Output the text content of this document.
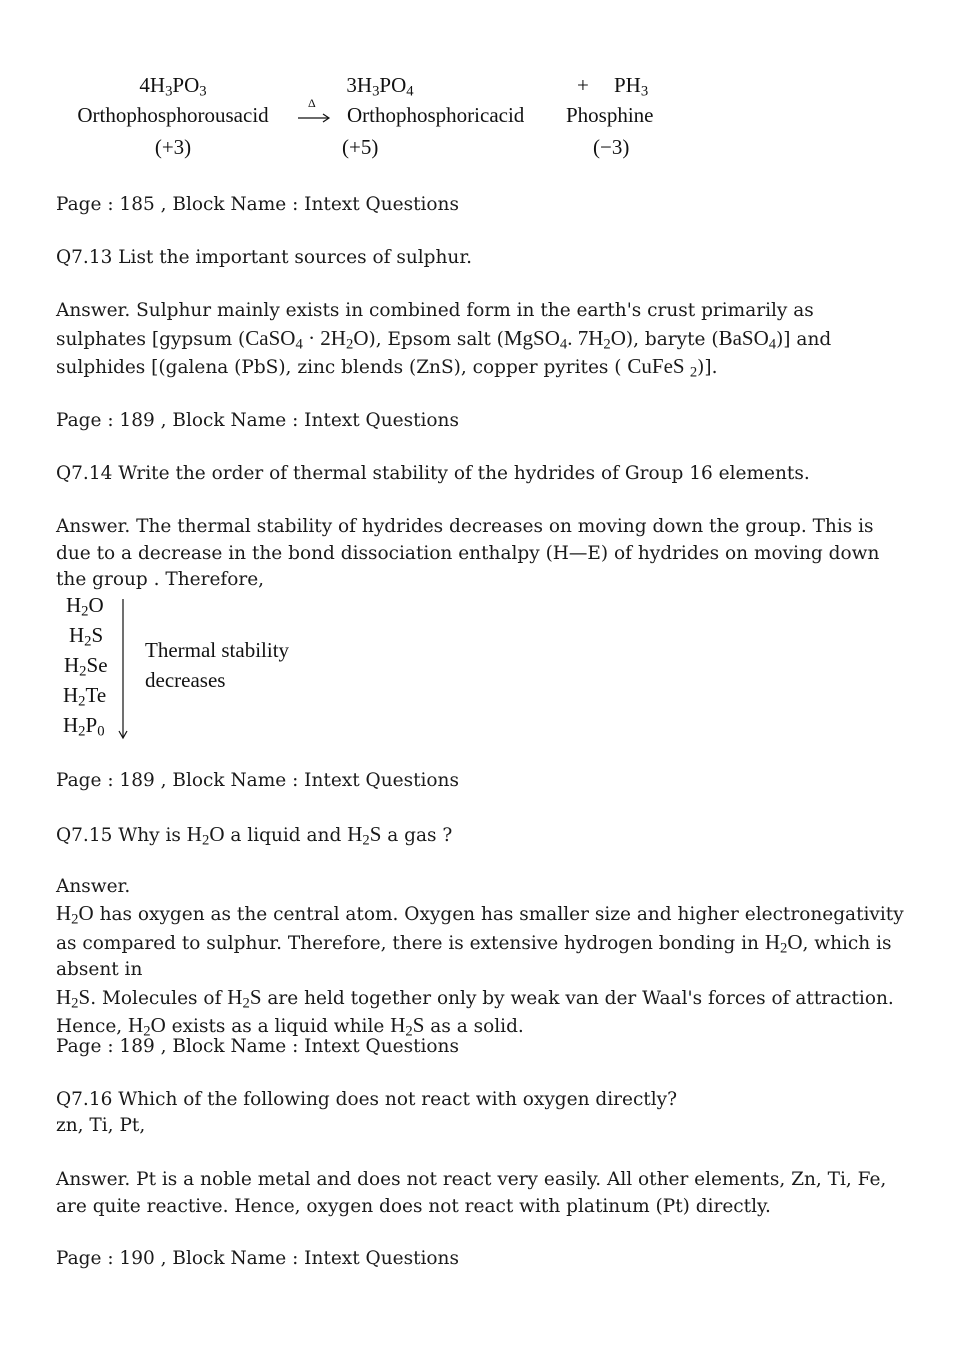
$4H_3PO_3$
Orthophosphorousacid
(+3)
Δ
$3H_3PO_4$
Orthophosphoricacid
(+5)
+ $PH_3$
Phosphine
(−3)

Page : 185 , Block Name : Intext Questions

Q7.13 List the important sources of sulphur.

Answer. Sulphur mainly exists in combined form in the earth's crust primarily as sulphates [gypsum (CaSO$_4$ · $2H_2O$), Epsom salt (MgSO$_4$. $7H_2O$), baryte (BaSO$_4$)] and sulphides [(galena (PbS), zinc blends (ZnS), copper pyrites ( CuFeS $_2$)].

Page : 189 , Block Name : Intext Questions

Q7.14 Write the order of thermal stability of the hydrides of Group 16 elements.

Answer. The thermal stability of hydrides decreases on moving down the group. This is due to a decrease in the bond dissociation enthalpy (H—E) of hydrides on moving down the group . Therefore,

$H_2O$
$H_2S$
$H_2Se$
$H_2Te$
$H_2P_0$
Thermal stability
decreases

Page : 189 , Block Name : Intext Questions

Q7.15 Why is $H_2O$ a liquid and $H_2S$ a gas ?

Answer.

$H_2O$ has oxygen as the central atom. Oxygen has smaller size and higher electronegativity as compared to sulphur. Therefore, there is extensive hydrogen bonding in $H_2O$, which is absent in
$H_2S$. Molecules of $H_2S$ are held together only by weak van der Waal's forces of attraction. Hence, $H_2O$ exists as a liquid while $H_2S$ as a solid.

Page : 189 , Block Name : Intext Questions

Q7.16 Which of the following does not react with oxygen directly?

zn, Ti, Pt,

Answer. Pt is a noble metal and does not react very easily. All other elements, Zn, Ti, Fe, are quite reactive. Hence, oxygen does not react with platinum (Pt) directly.

Page : 190 , Block Name : Intext Questions
